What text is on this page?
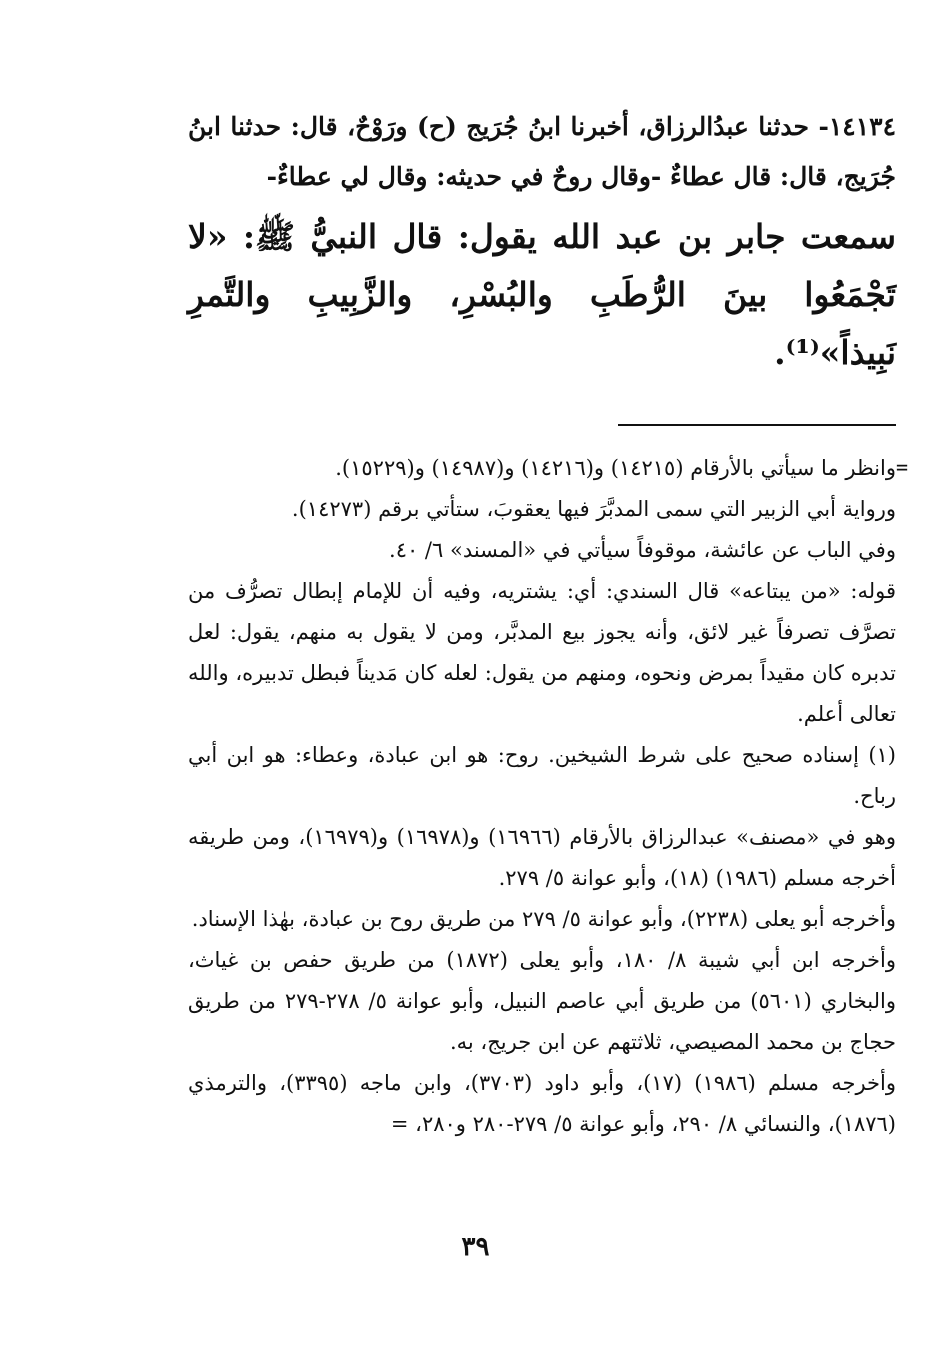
١٤١٣٤- حدثنا عبدُالرزاق، أخبرنا ابنُ جُرَيج (ح) ورَوْحٌ، قال: حدثنا ابنُ جُرَيج، قال: قال عطاءٌ -وقال روحٌ في حديثه: وقال لي عطاءٌ-

سمعت جابر بن عبد الله يقول: قال النبيُّ ﷺ: «لا تَجْمَعُوا بينَ الرُّطَبِ والبُسْرِ، والزَّبِيبِ والتَّمرِ نَبِيذاً»⁽¹⁾.

=

وانظر ما سيأتي بالأرقام (١٤٢١٥) و(١٤٢١٦) و(١٤٩٨٧) و(١٥٢٢٩).

ورواية أبي الزبير التي سمى المدبَّرَ فيها يعقوبَ، ستأتي برقم (١٤٢٧٣).

وفي الباب عن عائشة، موقوفاً سيأتي في «المسند» ٦/ ٤٠.

قوله: «من يبتاعه» قال السندي: أي: يشتريه، وفيه أن للإمام إبطال تصرُّف من تصرَّف تصرفاً غير لائق، وأنه يجوز بيع المدبَّر، ومن لا يقول به منهم، يقول: لعل تدبره كان مقيداً بمرض ونحوه، ومنهم من يقول: لعله كان مَديناً فبطل تدبيره، والله تعالى أعلم.

(١) إسناده صحيح على شرط الشيخين. روح: هو ابن عبادة، وعطاء: هو ابن أبي رباح.

وهو في «مصنف» عبدالرزاق بالأرقام (١٦٩٦٦) و(١٦٩٧٨) و(١٦٩٧٩)، ومن طريقه أخرجه مسلم (١٩٨٦) (١٨)، وأبو عوانة ٥/ ٢٧٩.

وأخرجه أبو يعلى (٢٢٣٨)، وأبو عوانة ٥/ ٢٧٩ من طريق روح بن عبادة، بهٰذا الإسناد.

وأخرجه ابن أبي شيبة ٨/ ١٨٠، وأبو يعلى (١٨٧٢) من طريق حفص بن غياث، والبخاري (٥٦٠١) من طريق أبي عاصم النبيل، وأبو عوانة ٥/ ٢٧٨-٢٧٩ من طريق حجاج بن محمد المصيصي، ثلاثتهم عن ابن جريج، به.

وأخرجه مسلم (١٩٨٦) (١٧)، وأبو داود (٣٧٠٣)، وابن ماجه (٣٣٩٥)، والترمذي (١٨٧٦)، والنسائي ٨/ ٢٩٠، وأبو عوانة ٥/ ٢٧٩-٢٨٠ و٢٨٠، =

٣٩
